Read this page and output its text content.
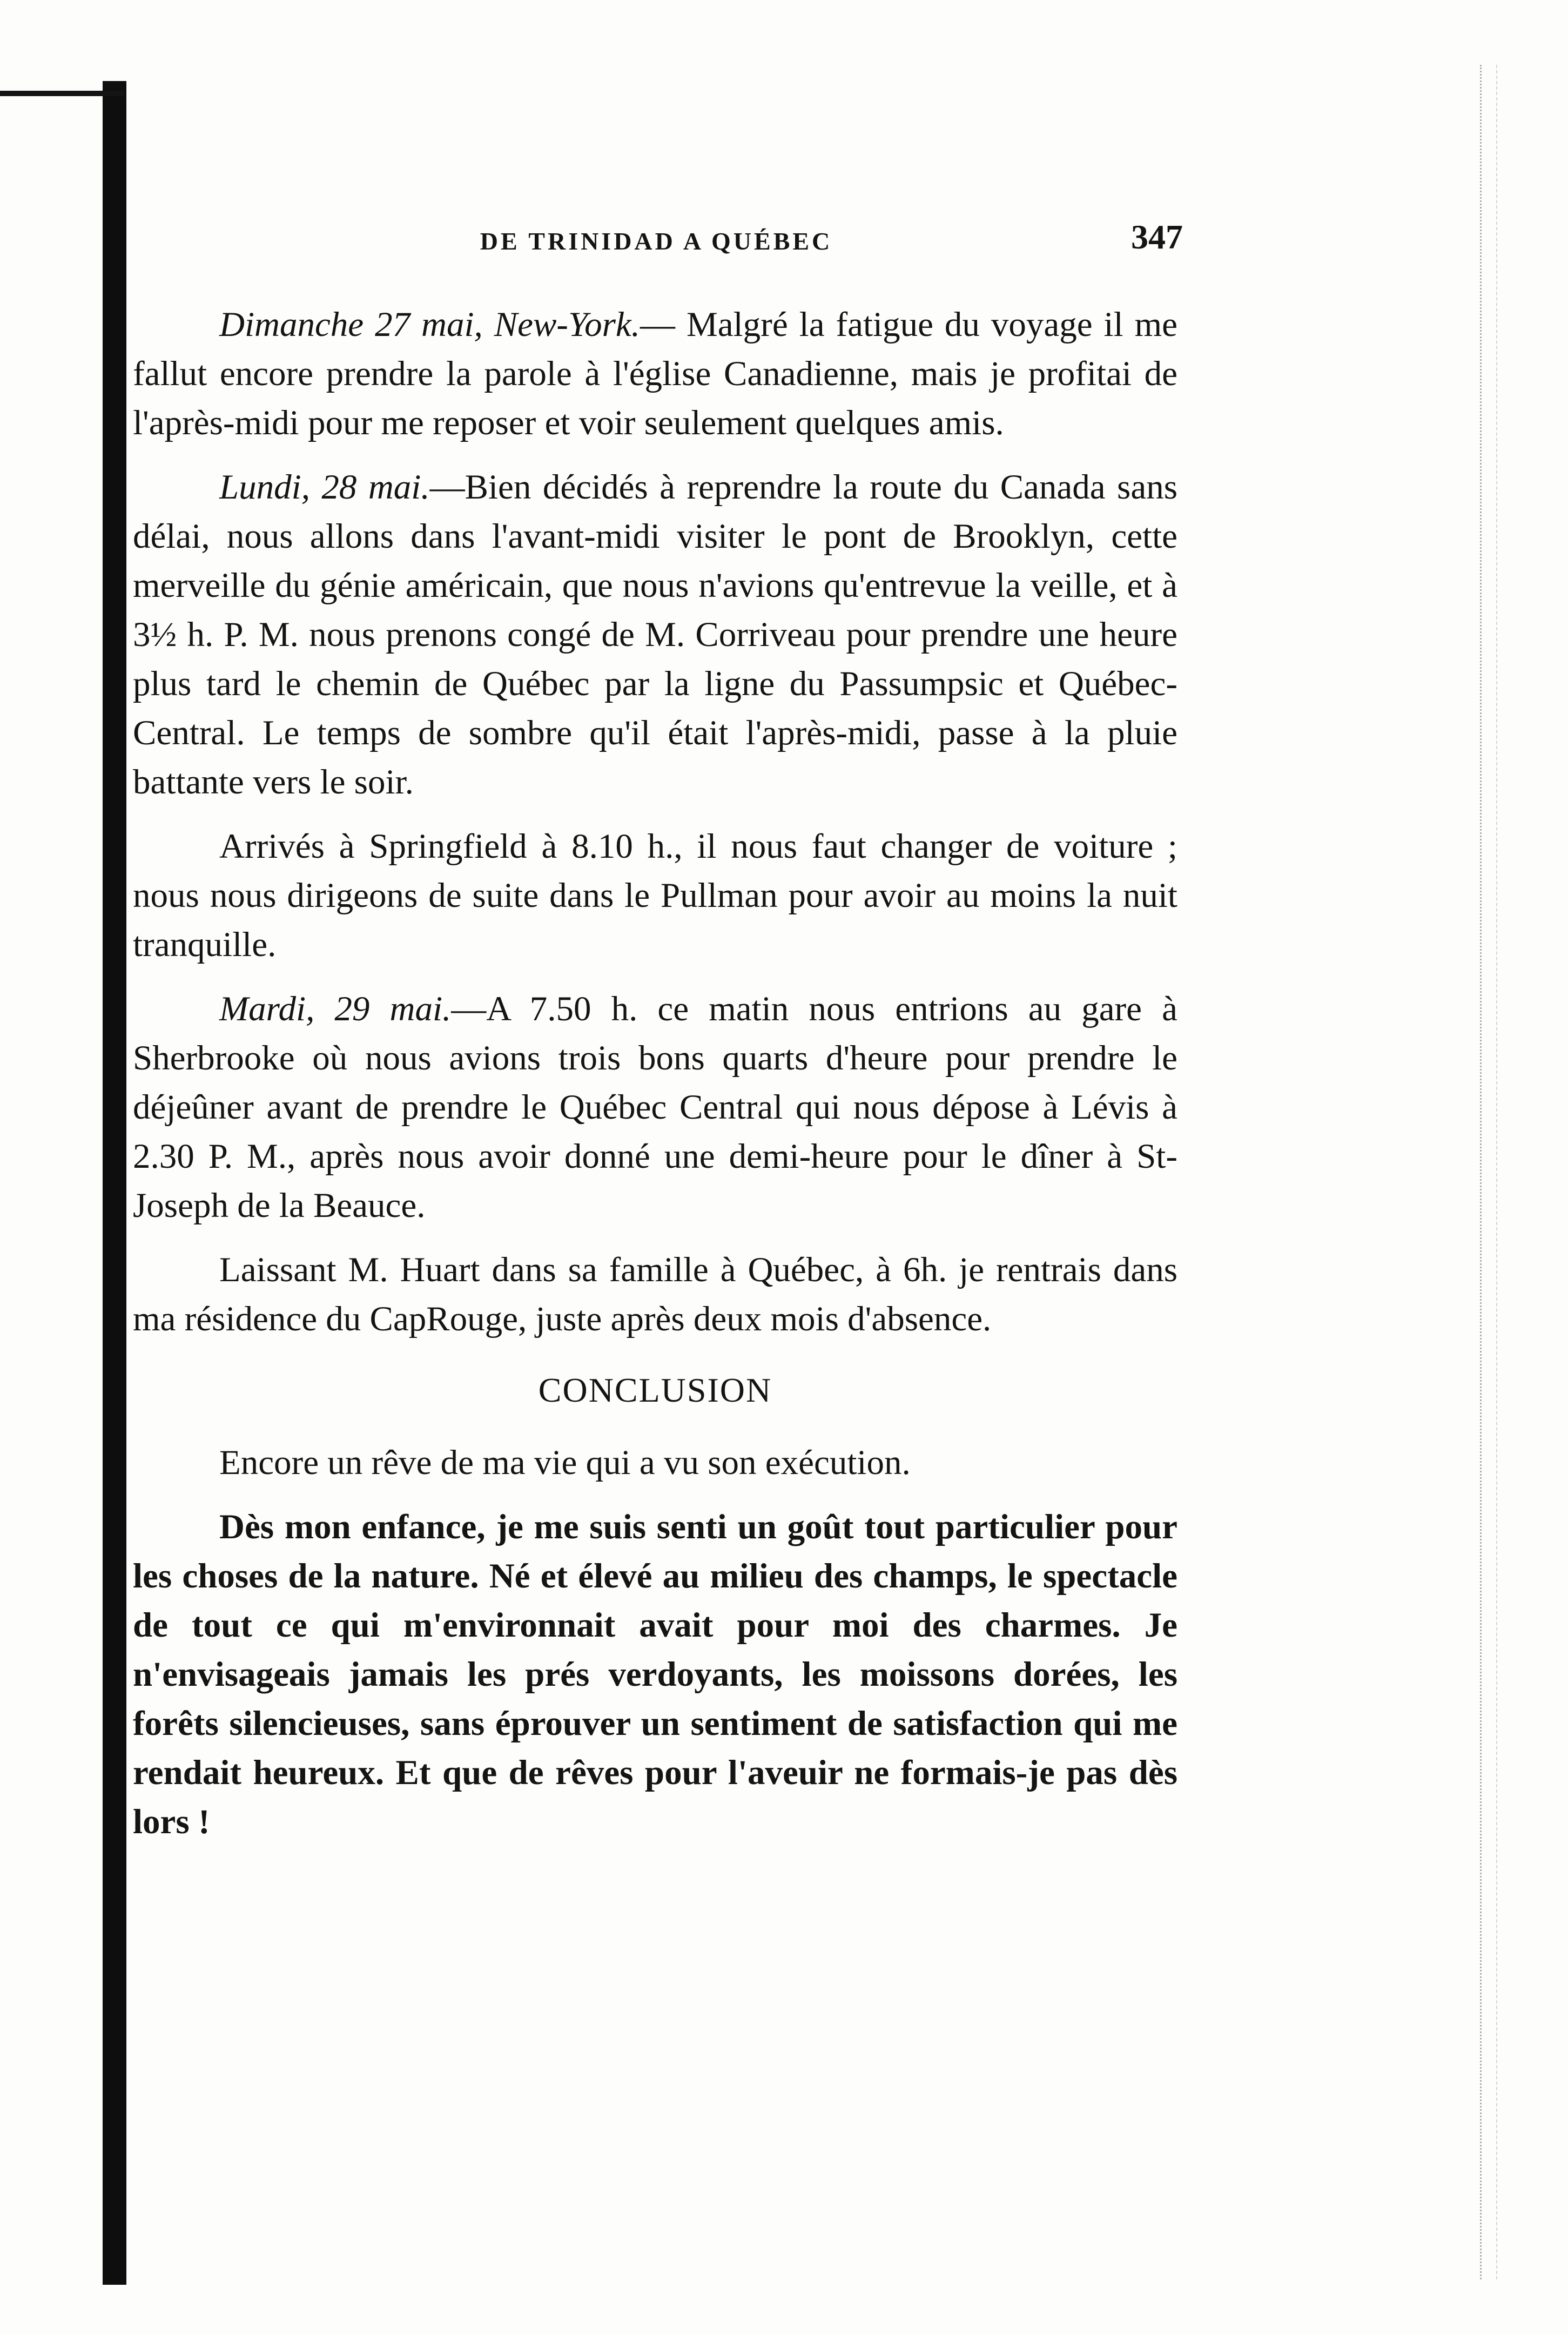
DE TRINIDAD A QUÉBEC	347

Dimanche 27 mai, New-York.— Malgré la fatigue du voyage il me fallut encore prendre la parole à l'église Canadienne, mais je profitai de l'après-midi pour me reposer et voir seulement quelques amis.

Lundi, 28 mai.—Bien décidés à reprendre la route du Canada sans délai, nous allons dans l'avant-midi visiter le pont de Brooklyn, cette merveille du génie américain, que nous n'avions qu'entrevue la veille, et à 3½ h. P. M. nous prenons congé de M. Corriveau pour prendre une heure plus tard le chemin de Québec par la ligne du Passumpsic et Québec-Central. Le temps de sombre qu'il était l'après-midi, passe à la pluie battante vers le soir.

Arrivés à Springfield à 8.10 h., il nous faut changer de voiture ; nous nous dirigeons de suite dans le Pullman pour avoir au moins la nuit tranquille.

Mardi, 29 mai.—A 7.50 h. ce matin nous entrions au gare à Sherbrooke où nous avions trois bons quarts d'heure pour prendre le déjeûner avant de prendre le Québec Central qui nous dépose à Lévis à 2.30 P. M., après nous avoir donné une demi-heure pour le dîner à St-Joseph de la Beauce.

Laissant M. Huart dans sa famille à Québec, à 6h. je rentrais dans ma résidence du CapRouge, juste après deux mois d'absence.

CONCLUSION

Encore un rêve de ma vie qui a vu son exécution.

Dès mon enfance, je me suis senti un goût tout particulier pour les choses de la nature. Né et élevé au milieu des champs, le spectacle de tout ce qui m'environnait avait pour moi des charmes. Je n'envisageais jamais les prés verdoyants, les moissons dorées, les forêts silencieuses, sans éprouver un sentiment de satisfaction qui me rendait heureux. Et que de rêves pour l'aveuir ne formais-je pas dès lors !
